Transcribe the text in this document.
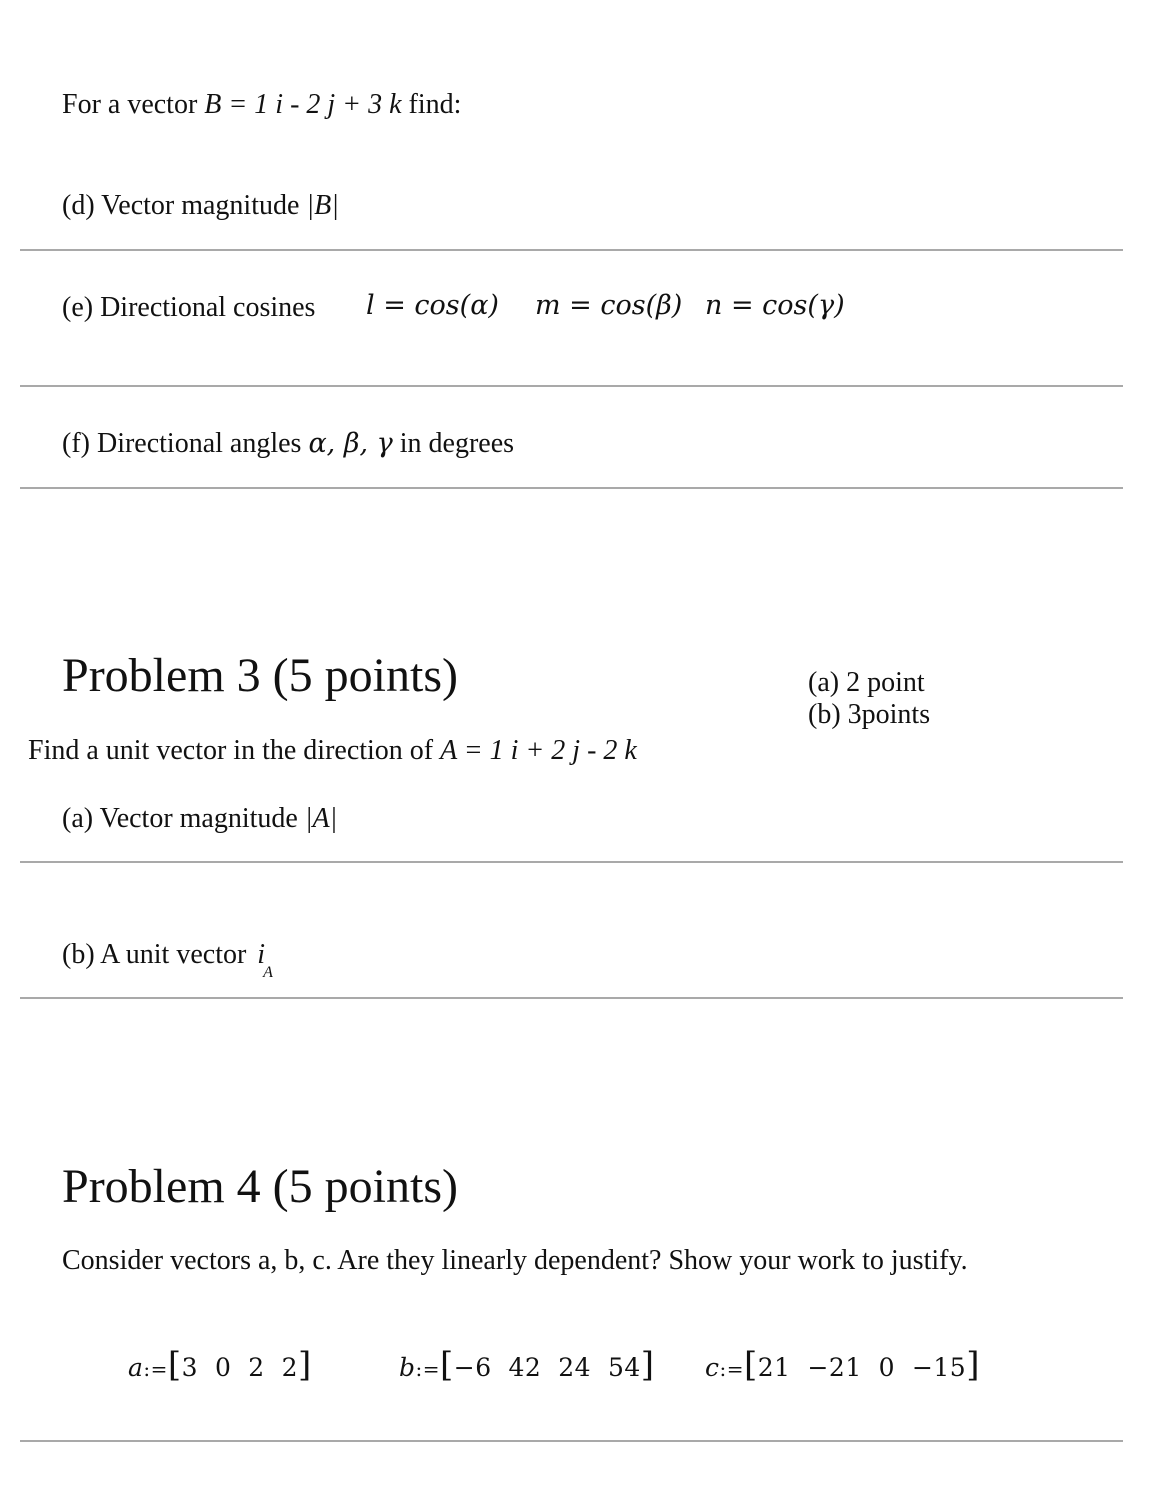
For a vector B = 1 i - 2 j + 3 k find:
(d) Vector magnitude |B|
(e) Directional cosines l = cos(α) m = cos(β) n = cos(γ)
(f) Directional angles α, β, γ in degrees
Problem 3 (5 points)	(a) 2 point
(b) 3points
Find a unit vector in the direction of A = 1 i + 2 j - 2 k
(a) Vector magnitude |A|
(b) A unit vector $i_A$
Problem 4 (5 points)
Consider vectors a, b, c. Are they linearly dependent? Show your work to justify.
a:=[3  0  2  2]	b:=[−6  42  24  54] c:=[21  −21  0  −15]
